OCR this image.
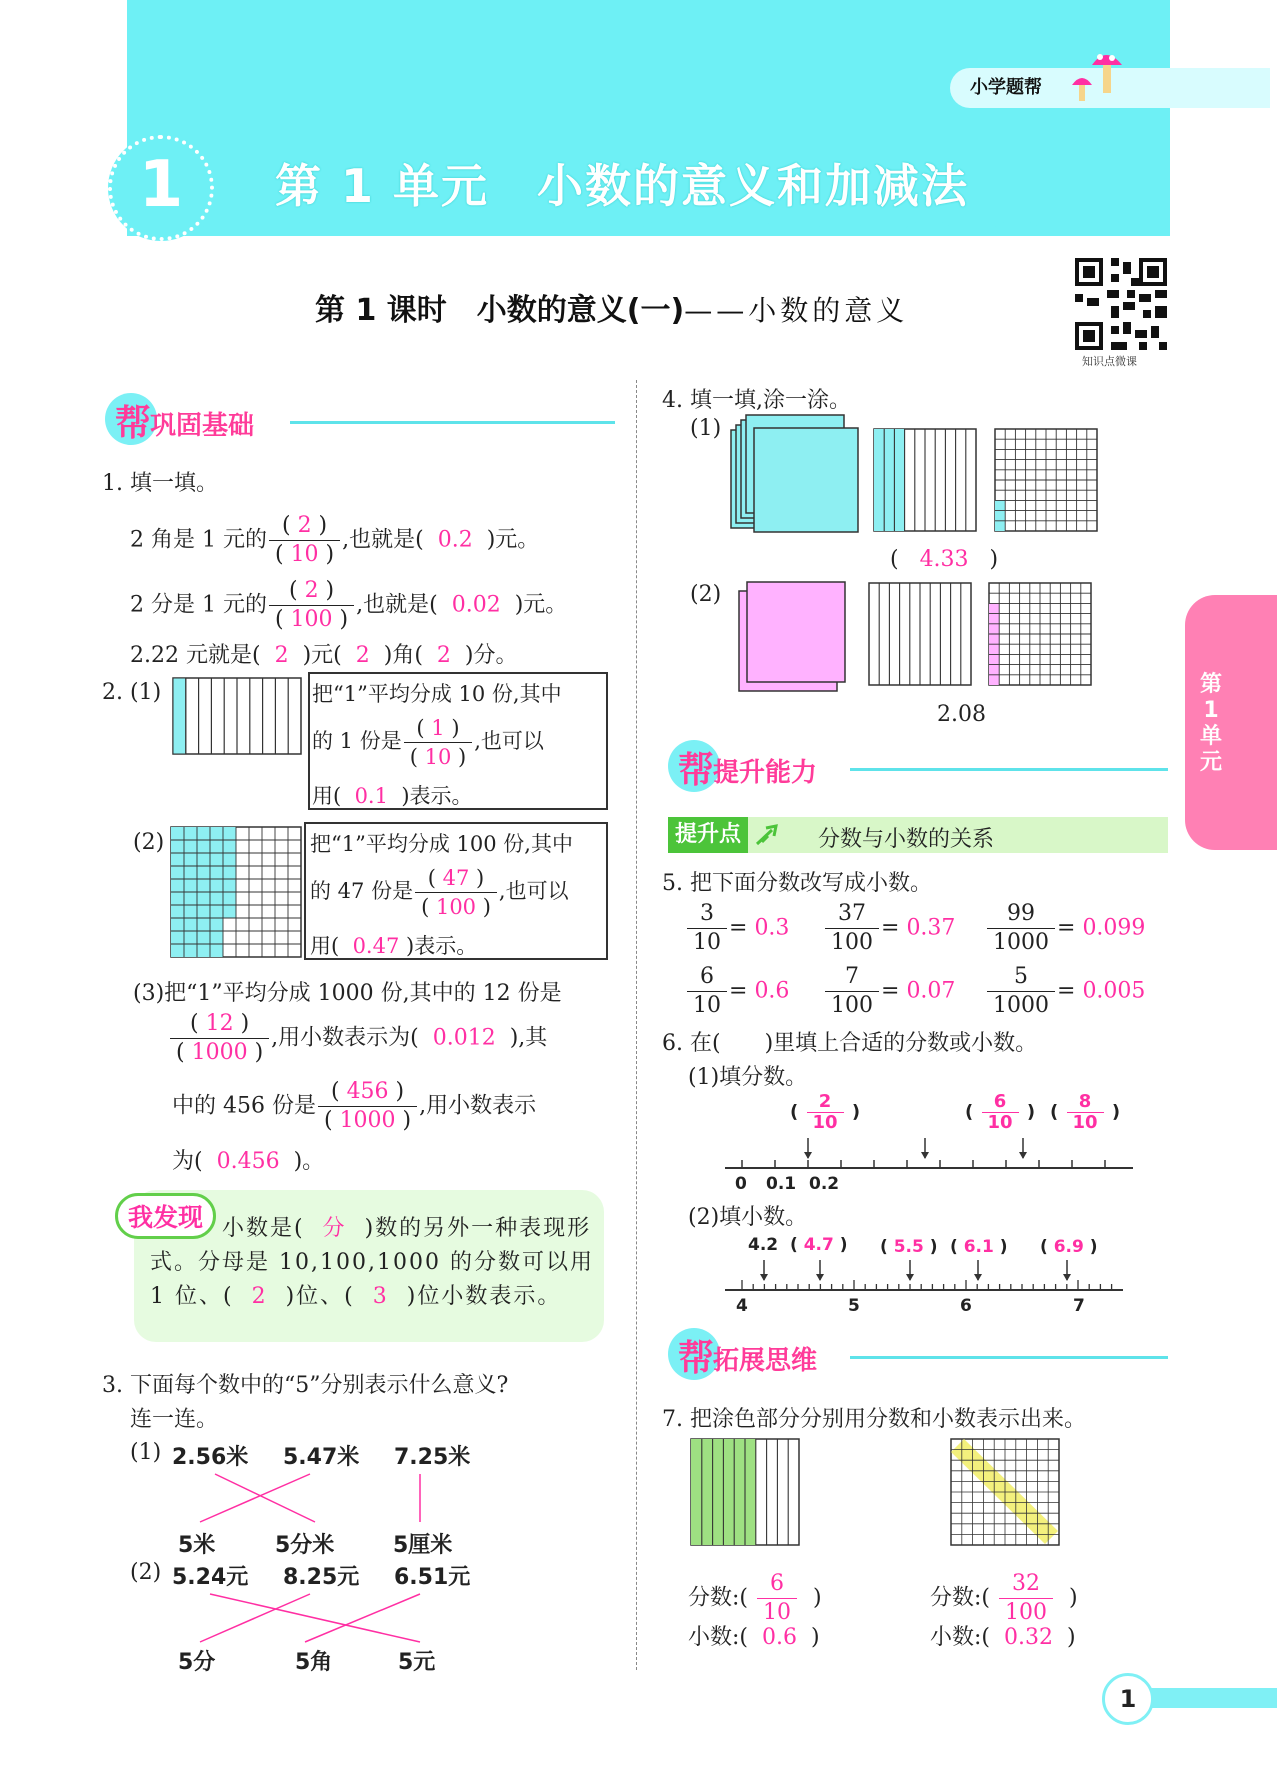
小学题帮
1	第 1 单元　小数的意义和加减法
第 1 课时　小数的意义(一)——小数的意义
知识点微课
第1单元
1
帮
巩固基础
1. 填一填。
2 角是 1 元的 $\frac{( 2 )}{( 10 )}$ ,也就是( 0.2 )元。
2 分是 1 元的 $\frac{( 2 )}{( 100 )}$ ,也就是( 0.02 )元。
2.22 元就是( 2 )元( 2 )角( 2 )分。
2. (1)	把“1”平均分成 10 份,其中
的 1 份是 $\frac{( 1 )}{( 10 )}$ ,也可以
用( 0.1 )表示。
(2)	把“1”平均分成 100 份,其中
的 47 份是 $\frac{( 47 )}{( 100 )}$ ,也可以
用( 0.47 )表示。
(3)把“1”平均分成 1000 份,其中的 12 份是
$\frac{( 12 )}{( 1000 )}$ ,用小数表示为( 0.012 ),其
中的 456 份是 $\frac{( 456 )}{( 1000 )}$ ,用小数表示
为( 0.456 )。
我发现 小数是( 分 )数的另外一种表现形式。分母是 10,100,1000 的分数可以用 1 位、( 2 )位、( 3 )位小数表示。
3. 下面每个数中的“5”分别表示什么意义?
连一连。
(1) 2.56米 5.47米 7.25米
5米	5分米	5厘米
(2) 5.24元 8.25元 6.51元
5分	5角	5元
4. 填一填,涂一涂。
(1)
(   4.33   )
(2)
2.08
帮
提升能力
提升点	分数与小数的关系
5. 把下面分数改写成小数。
$\frac{3}{10} = 0.3 \frac{37}{100} = 0.37 \frac{99}{1000} = 0.099$
$\frac{6}{10} = 0.6 \frac{7}{100} = 0.07 \frac{5}{1000} = 0.005$
6. 在(　　)里填上合适的分数或小数。
(1)填分数。
( $\frac{2}{10}$ )	( $\frac{6}{10}$ ) ( $\frac{8}{10}$ )
0 0.1 0.2
(2)填小数。
4.2 ( 4.7 ) ( 5.5 ) ( 6.1 ) ( 6.9 )
4	5	6	7
帮
拓展思维
7. 把涂色部分分别用分数和小数表示出来。
分数:( $\frac{6}{10}$ )
小数:( 0.6 )
分数:( $\frac{32}{100}$ )
小数:( 0.32 )
